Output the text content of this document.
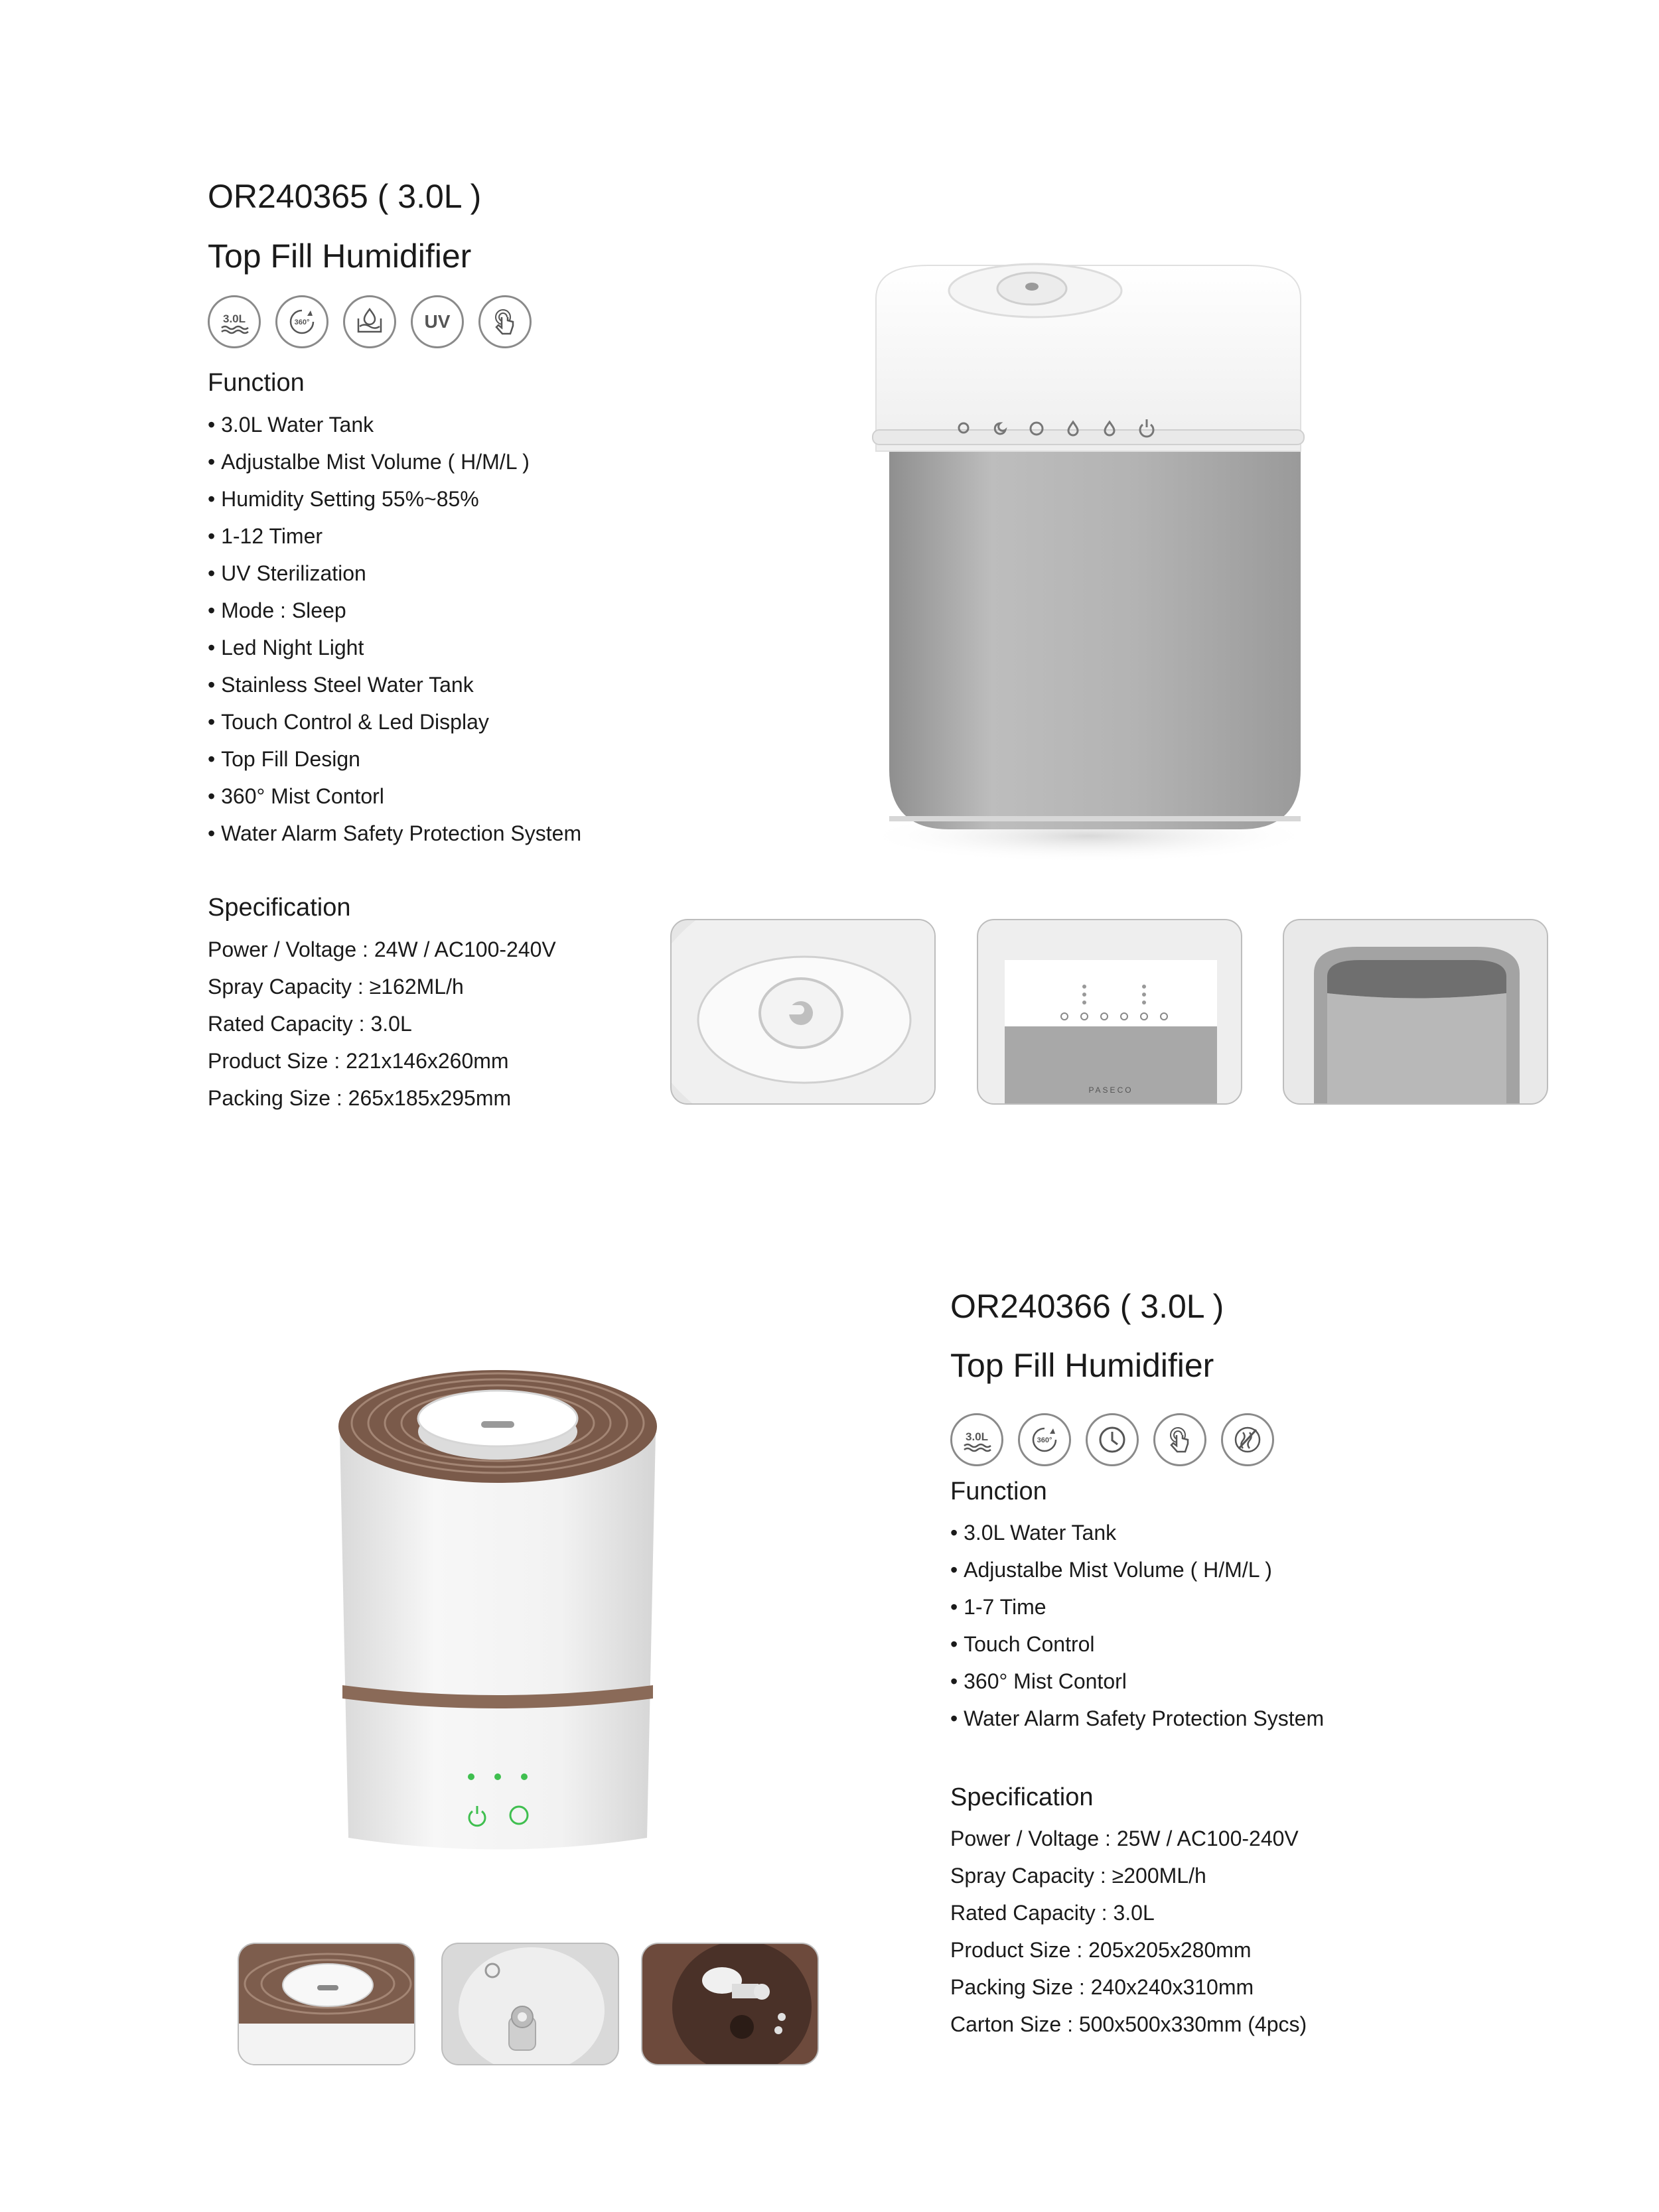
OR240365 ( 3.0L )
Top Fill Humidifier
3.0L	360°	UV
Function
• 3.0L Water Tank
• Adjustalbe Mist Volume ( H/M/L )
• Humidity Setting 55%~85%
• 1-12 Timer
• UV Sterilization
• Mode : Sleep
• Led Night Light
• Stainless Steel Water Tank
• Touch Control & Led Display
• Top Fill Design
• 360° Mist Contorl
• Water Alarm Safety Protection System
Specification
Power / Voltage : 24W / AC100-240V
Spray Capacity : ≥162ML/h
Rated Capacity : 3.0L
Product Size : 221x146x260mm
Packing Size : 265x185x295mm	PASECO
OR240366 ( 3.0L )
Top Fill Humidifier
3.0L	360°
Function
• 3.0L Water Tank
• Adjustalbe Mist Volume ( H/M/L )
• 1-7 Time
• Touch Control
• 360° Mist Contorl
• Water Alarm Safety Protection System
Specification
Power / Voltage : 25W / AC100-240V
Spray Capacity : ≥200ML/h
Rated Capacity : 3.0L
Product Size : 205x205x280mm
Packing Size : 240x240x310mm
Carton Size : 500x500x330mm (4pcs)
